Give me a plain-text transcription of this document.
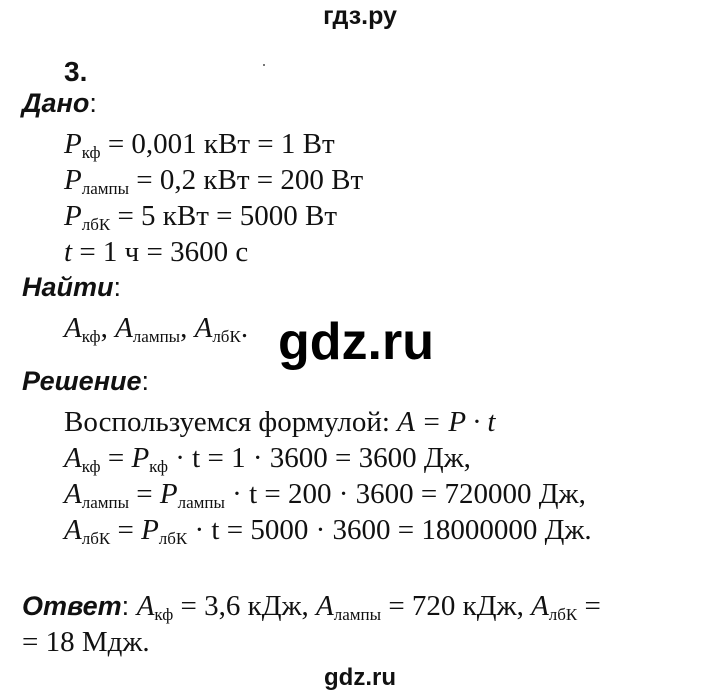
гдз.ру
3.
Дано:
$P_{кф} = 0,001$ кВт = 1 Вт
$P_{лампы} = 0,2$ кВт = 200 Вт
$P_{лбК} = 5$ кВт = 5000 Вт
t = 1 ч = 3600 с
Найти:
$A_{кф}$, $A_{лампы}$, $A_{лбК}$. gdz.ru
Решение:
Воспользуемся формулой: A = P · t
$A_{кф} = P_{кф} \cdot t = 1 \cdot 3600 = 3600$ Дж,
$A_{лампы} = P_{лампы} \cdot t = 200 \cdot 3600 = 720000$ Дж,
$A_{лбК} = P_{лбК} \cdot t = 5000 \cdot 3600 = 18000000$ Дж.
Ответ: $A_{кф} = 3,6$ кДж, $A_{лампы} = 720$ кДж, $A_{лбК}$ =
= 18 Мдж.
gdz.ru
